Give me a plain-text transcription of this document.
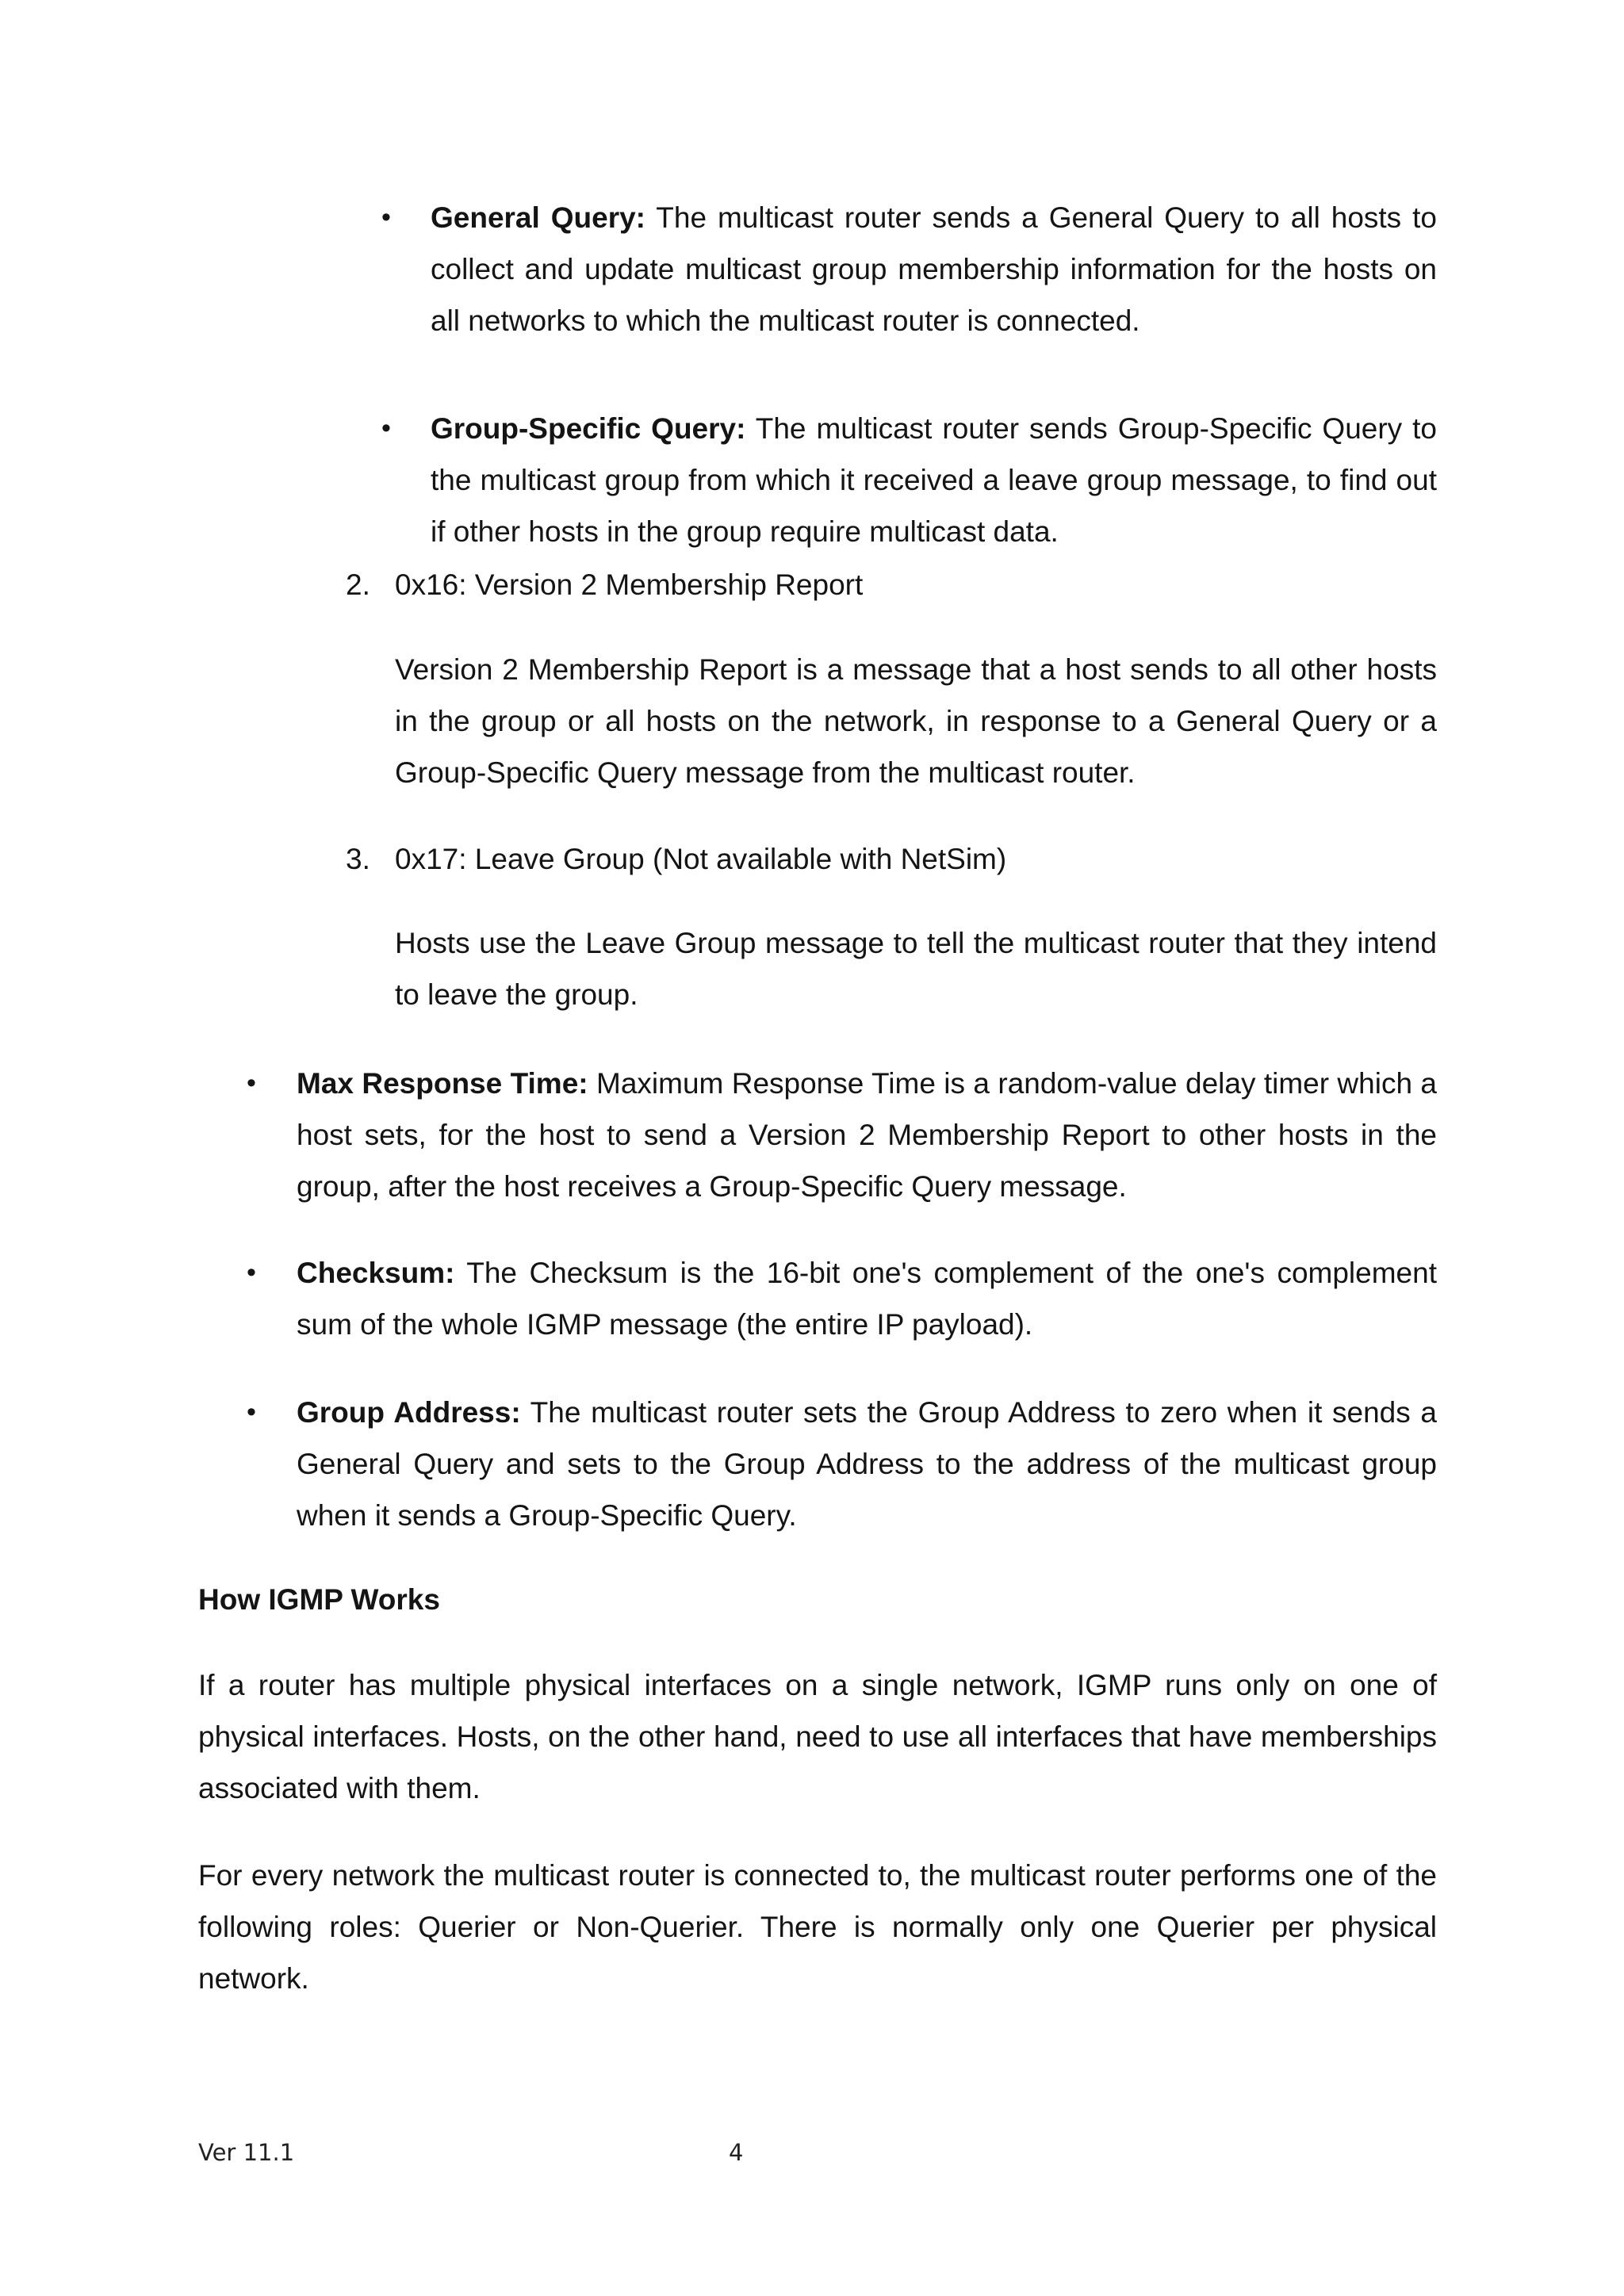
• General Query: The multicast router sends a General Query to all hosts to collect and update multicast group membership information for the hosts on all networks to which the multicast router is connected.

• Group-Specific Query: The multicast router sends Group-Specific Query to the multicast group from which it received a leave group message, to find out if other hosts in the group require multicast data.

2. 0x16: Version 2 Membership Report

Version 2 Membership Report is a message that a host sends to all other hosts in the group or all hosts on the network, in response to a General Query or a Group-Specific Query message from the multicast router.

3. 0x17: Leave Group (Not available with NetSim)

Hosts use the Leave Group message to tell the multicast router that they intend to leave the group.

• Max Response Time: Maximum Response Time is a random-value delay timer which a host sets, for the host to send a Version 2 Membership Report to other hosts in the group, after the host receives a Group-Specific Query message.

• Checksum: The Checksum is the 16-bit one's complement of the one's complement sum of the whole IGMP message (the entire IP payload).

• Group Address: The multicast router sets the Group Address to zero when it sends a General Query and sets to the Group Address to the address of the multicast group when it sends a Group-Specific Query.

How IGMP Works

If a router has multiple physical interfaces on a single network, IGMP runs only on one of physical interfaces. Hosts, on the other hand, need to use all interfaces that have memberships associated with them.

For every network the multicast router is connected to, the multicast router performs one of the following roles: Querier or Non-Querier. There is normally only one Querier per physical network.

Ver 11.1	4
